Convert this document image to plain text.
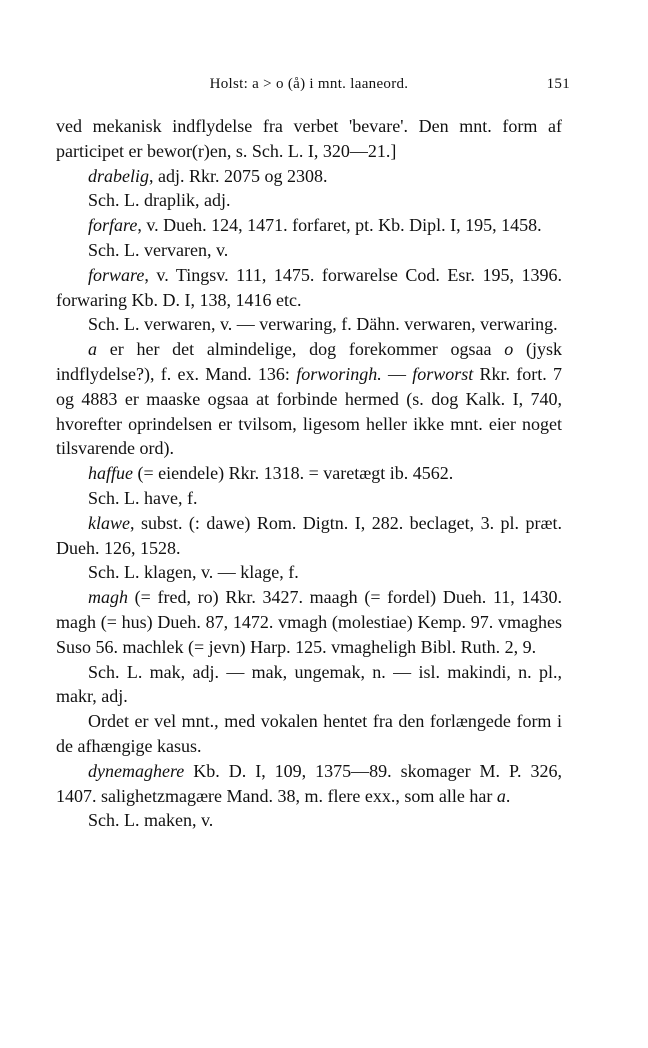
Holst: a > o (å) i mnt. laaneord.	151

ved mekanisk indflydelse fra verbet 'bevare'. Den mnt. form af participet er bewor(r)en, s. Sch. L. I, 320—21.]

drabelig, adj. Rkr. 2075 og 2308.

Sch. L. draplik, adj.

forfare, v. Dueh. 124, 1471. forfaret, pt. Kb. Dipl. I, 195, 1458.

Sch. L. vervaren, v.

forware, v. Tingsv. 111, 1475. forwarelse Cod. Esr. 195, 1396. forwaring Kb. D. I, 138, 1416 etc.

Sch. L. verwaren, v. — verwaring, f. Dähn. verwaren, verwaring.

a er her det almindelige, dog forekommer ogsaa o (jysk indflydelse?), f. ex. Mand. 136: forworingh. — forworst Rkr. fort. 7 og 4883 er maaske ogsaa at forbinde hermed (s. dog Kalk. I, 740, hvorefter oprindelsen er tvilsom, ligesom heller ikke mnt. eier noget tilsvarende ord).

haffue (= eiendele) Rkr. 1318. = varetægt ib. 4562.

Sch. L. have, f.

klawe, subst. (: dawe) Rom. Digtn. I, 282. beclaget, 3. pl. præt. Dueh. 126, 1528.

Sch. L. klagen, v. — klage, f.

magh (= fred, ro) Rkr. 3427. maagh (= fordel) Dueh. 11, 1430. magh (= hus) Dueh. 87, 1472. vmagh (molestiae) Kemp. 97. vmaghes Suso 56. machlek (= jevn) Harp. 125. vmagheligh Bibl. Ruth. 2, 9.

Sch. L. mak, adj. — mak, ungemak, n. — isl. makindi, n. pl., makr, adj.

Ordet er vel mnt., med vokalen hentet fra den forlængede form i de afhængige kasus.

dynemaghere Kb. D. I, 109, 1375—89. skomager M. P. 326, 1407. salighetzmagære Mand. 38, m. flere exx., som alle har a.

Sch. L. maken, v.
